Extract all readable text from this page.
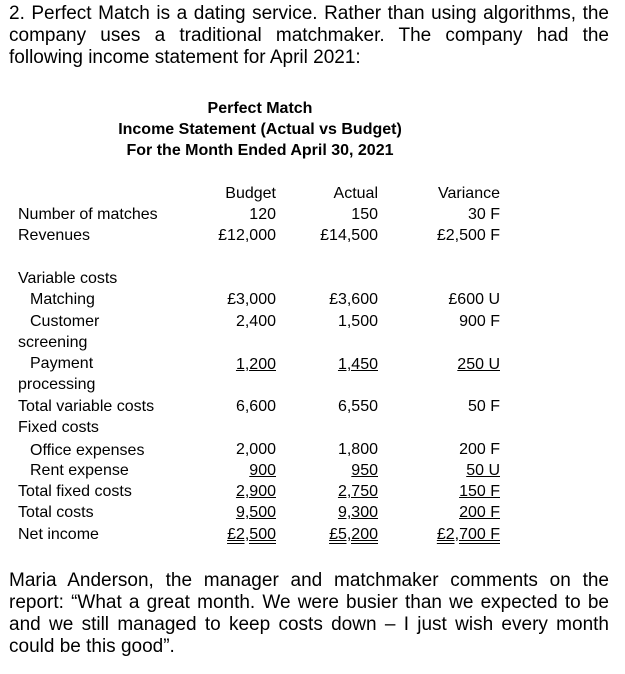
2. Perfect Match is a dating service. Rather than using algorithms, the company uses a traditional matchmaker. The company had the following income statement for April 2021:

Perfect Match
Income Statement (Actual vs Budget)
For the Month Ended April 30, 2021
Budget	Actual	Variance
Number of matches	120	150	30 F
Revenues	£12,000	£14,500	£2,500 F
Variable costs
Matching	£3,000	£3,600	£600 U
Customer
screening
2,400	1,500	900 F
Payment
processing
1,200	1,450	250 U
Total variable costs	6,600	6,550	50 F
Fixed costs
Office expenses	2,000	1,800	200 F
Rent expense	900	950	50 U
Total fixed costs	2,900	2,750	150 F
Total costs	9,500	9,300	200 F
Net income	£2,500	£5,200	£2,700 F

Maria Anderson, the manager and matchmaker comments on the report: “What a great month. We were busier than we expected to be and we still managed to keep costs down – I just wish every month could be this good”.
